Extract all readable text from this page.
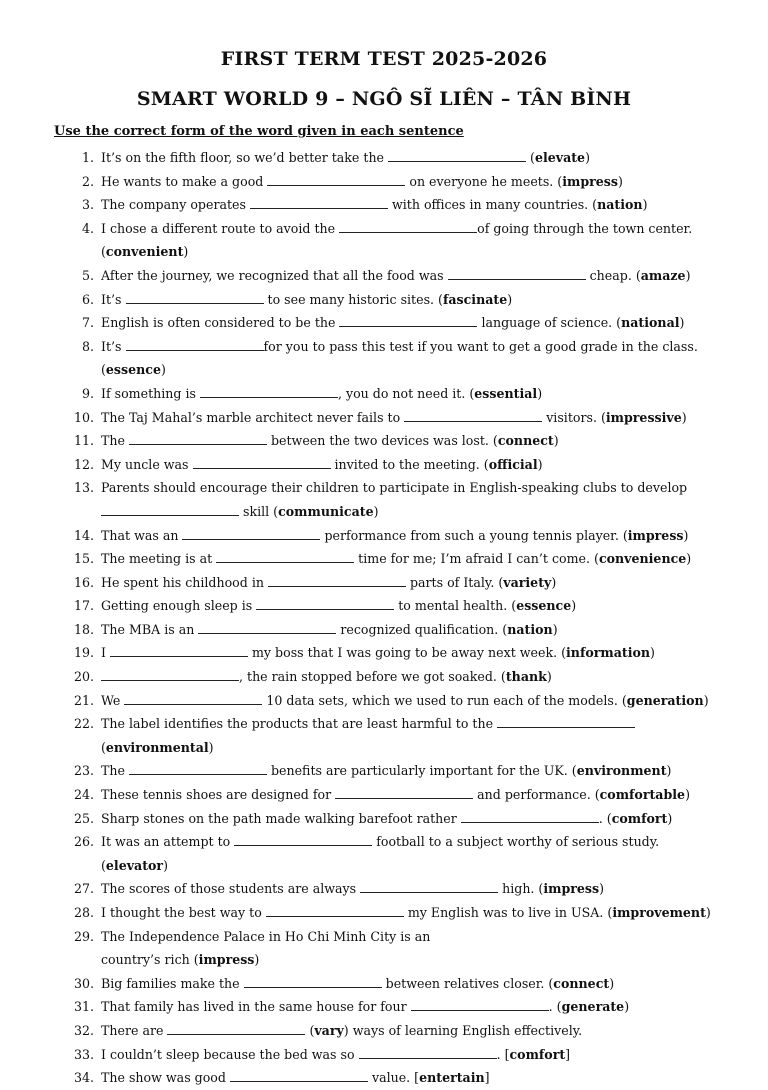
FIRST TERM TEST 2025-2026
SMART WORLD 9 – NGÔ SĨ LIÊN – TÂN BÌNH
Use the correct form of the word given in each sentence
1. It’s on the fifth floor, so we’d better take the	(elevate)
2. He wants to make a good	on everyone he meets. (impress)
3. The company operates	with offices in many countries. (nation)
4. I chose a different route to avoid the	of going through the town center. (convenient)
5. After the journey, we recognized that all the food was	cheap. (amaze)
6. It’s	to see many historic sites. (fascinate)
7. English is often considered to be the	language of science. (national)
8. It’s	for you to pass this test if you want to get a good grade in the class. (essence)
9. If something is	, you do not need it. (essential)
10. The Taj Mahal’s marble architect never fails to	visitors. (impressive)
11. The	between the two devices was lost. (connect)
12. My uncle was	invited to the meeting. (official)
13. Parents should encourage their children to participate in English-speaking clubs to develop
skill (communicate)
14. That was an	performance from such a young tennis player. (impress)
15. The meeting is at	time for me; I’m afraid I can’t come. (convenience)
16. He spent his childhood in	parts of Italy. (variety)
17. Getting enough sleep is	to mental health. (essence)
18. The MBA is an	recognized qualification. (nation)
19. I	my boss that I was going to be away next week. (information)
20.	, the rain stopped before we got soaked. (thank)
21. We	10 data sets, which we used to run each of the models. (generation)
22. The label identifies the products that are least harmful to the  (environmental)
23. The	benefits are particularly important for the UK. (environment)
24. These tennis shoes are designed for	and performance. (comfortable)
25. Sharp stones on the path made walking barefoot rather	. (comfort)
26. It was an attempt to	football to a subject worthy of serious study. (elevator)
27. The scores of those students are always	high. (impress)
28. I thought the best way to	my English was to live in USA. (improvement)
29. The Independence Palace in Ho Chi Minh City is an
country’s rich (impress)
30. Big families make the	between relatives closer. (connect)
31. That family has lived in the same house for four	. (generate)
32. There are	(vary) ways of learning English effectively.
33. I couldn’t sleep because the bed was so	. [comfort]
34. The show was good	value. [entertain]
